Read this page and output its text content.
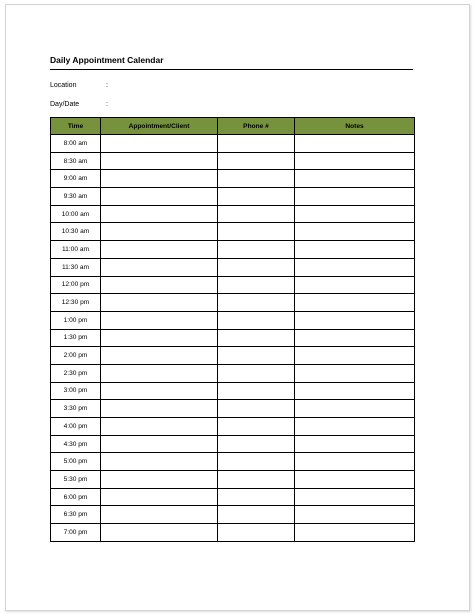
Daily Appointment Calendar
Location	:
Day/Date	:
Time	Appointment/Client	Phone #	Notes
8:00 am			
8:30 am			
9:00 am			
9:30 am			
10:00 am			
10:30 am			
11:00 am			
11:30 am			
12:00 pm			
12:30 pm			
1:00 pm			
1:30 pm			
2:00 pm			
2:30 pm			
3:00 pm			
3:30 pm			
4:00 pm			
4:30 pm			
5:00 pm			
5:30 pm			
6:00 pm			
6:30 pm			
7:00 pm			
